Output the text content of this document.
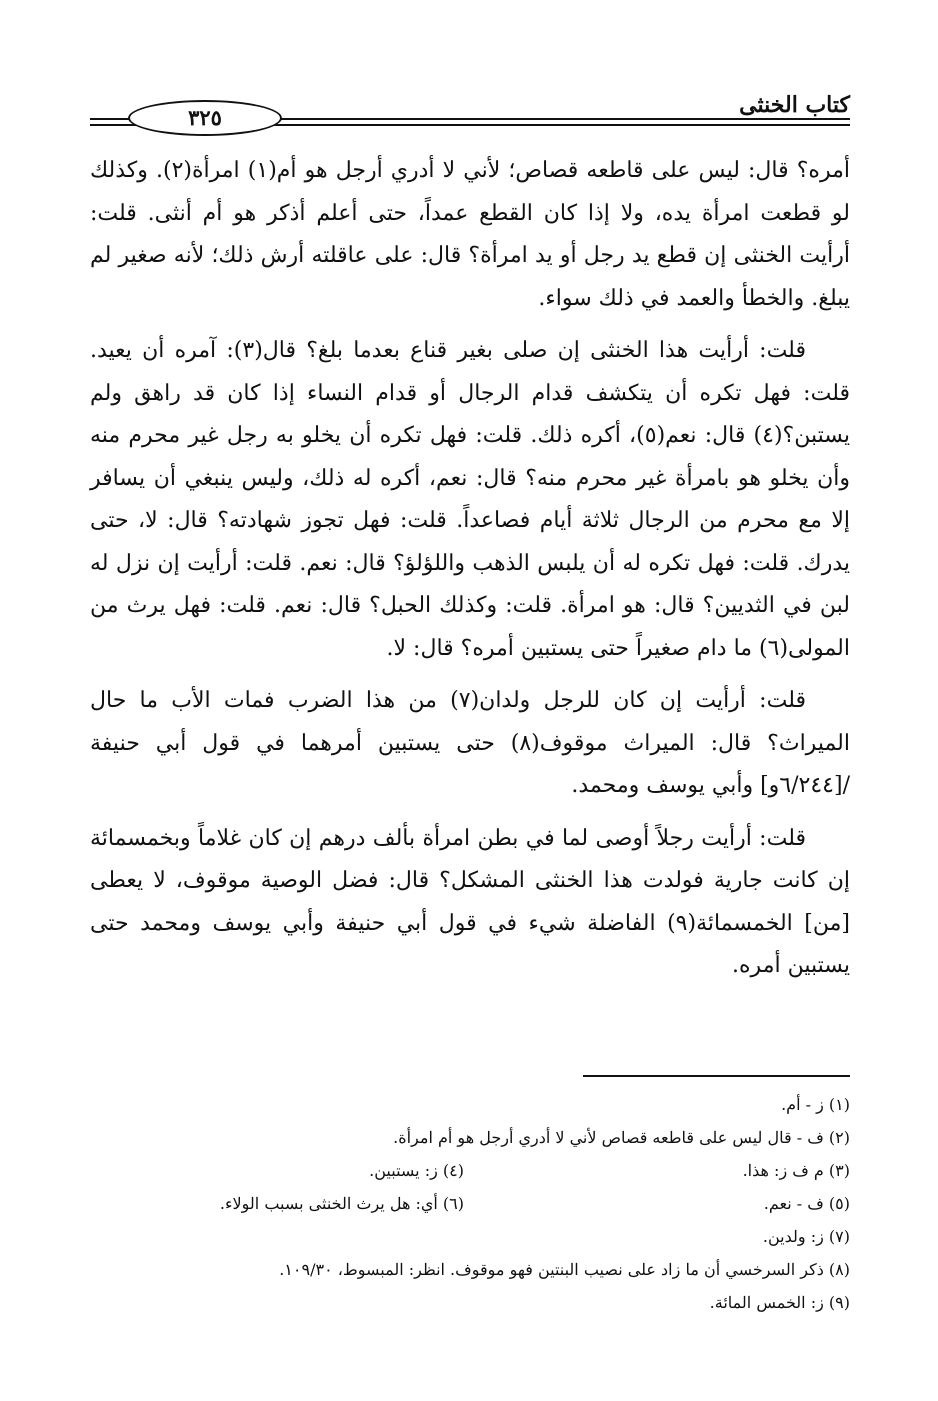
كتاب الخنثى
٣٢٥

أمره؟ قال: ليس على قاطعه قصاص؛ لأني لا أدري أرجل هو أم(١) امرأة(٢). وكذلك لو قطعت امرأة يده، ولا إذا كان القطع عمداً، حتى أعلم أذكر هو أم أنثى. قلت: أرأيت الخنثى إن قطع يد رجل أو يد امرأة؟ قال: على عاقلته أرش ذلك؛ لأنه صغير لم يبلغ. والخطأ والعمد في ذلك سواء.

قلت: أرأيت هذا الخنثى إن صلى بغير قناع بعدما بلغ؟ قال(٣): آمره أن يعيد. قلت: فهل تكره أن يتكشف قدام الرجال أو قدام النساء إذا كان قد راهق ولم يستبن؟(٤) قال: نعم(٥)، أكره ذلك. قلت: فهل تكره أن يخلو به رجل غير محرم منه وأن يخلو هو بامرأة غير محرم منه؟ قال: نعم، أكره له ذلك، وليس ينبغي أن يسافر إلا مع محرم من الرجال ثلاثة أيام فصاعداً. قلت: فهل تجوز شهادته؟ قال: لا، حتى يدرك. قلت: فهل تكره له أن يلبس الذهب واللؤلؤ؟ قال: نعم. قلت: أرأيت إن نزل له لبن في الثديين؟ قال: هو امرأة. قلت: وكذلك الحبل؟ قال: نعم. قلت: فهل يرث من المولى(٦) ما دام صغيراً حتى يستبين أمره؟ قال: لا.

قلت: أرأيت إن كان للرجل ولدان(٧) من هذا الضرب فمات الأب ما حال الميراث؟ قال: الميراث موقوف(٨) حتى يستبين أمرهما في قول أبي حنيفة /[٦/٢٤٤و] وأبي يوسف ومحمد.

قلت: أرأيت رجلاً أوصى لما في بطن امرأة بألف درهم إن كان غلاماً وبخمسمائة إن كانت جارية فولدت هذا الخنثى المشكل؟ قال: فضل الوصية موقوف، لا يعطى [من] الخمسمائة(٩) الفاضلة شيء في قول أبي حنيفة وأبي يوسف ومحمد حتى يستبين أمره.

(١) ز - أم.
(٢) ف - قال ليس على قاطعه قصاص لأني لا أدري أرجل هو أم امرأة.
(٣) م ف ز: هذا.
(٤) ز: يستبين.
(٥) ف - نعم.
(٦) أي: هل يرث الخنثى بسبب الولاء.
(٧) ز: ولدين.
(٨) ذكر السرخسي أن ما زاد على نصيب البنتين فهو موقوف. انظر: المبسوط، ١٠٩/٣٠.
(٩) ز: الخمس المائة.
